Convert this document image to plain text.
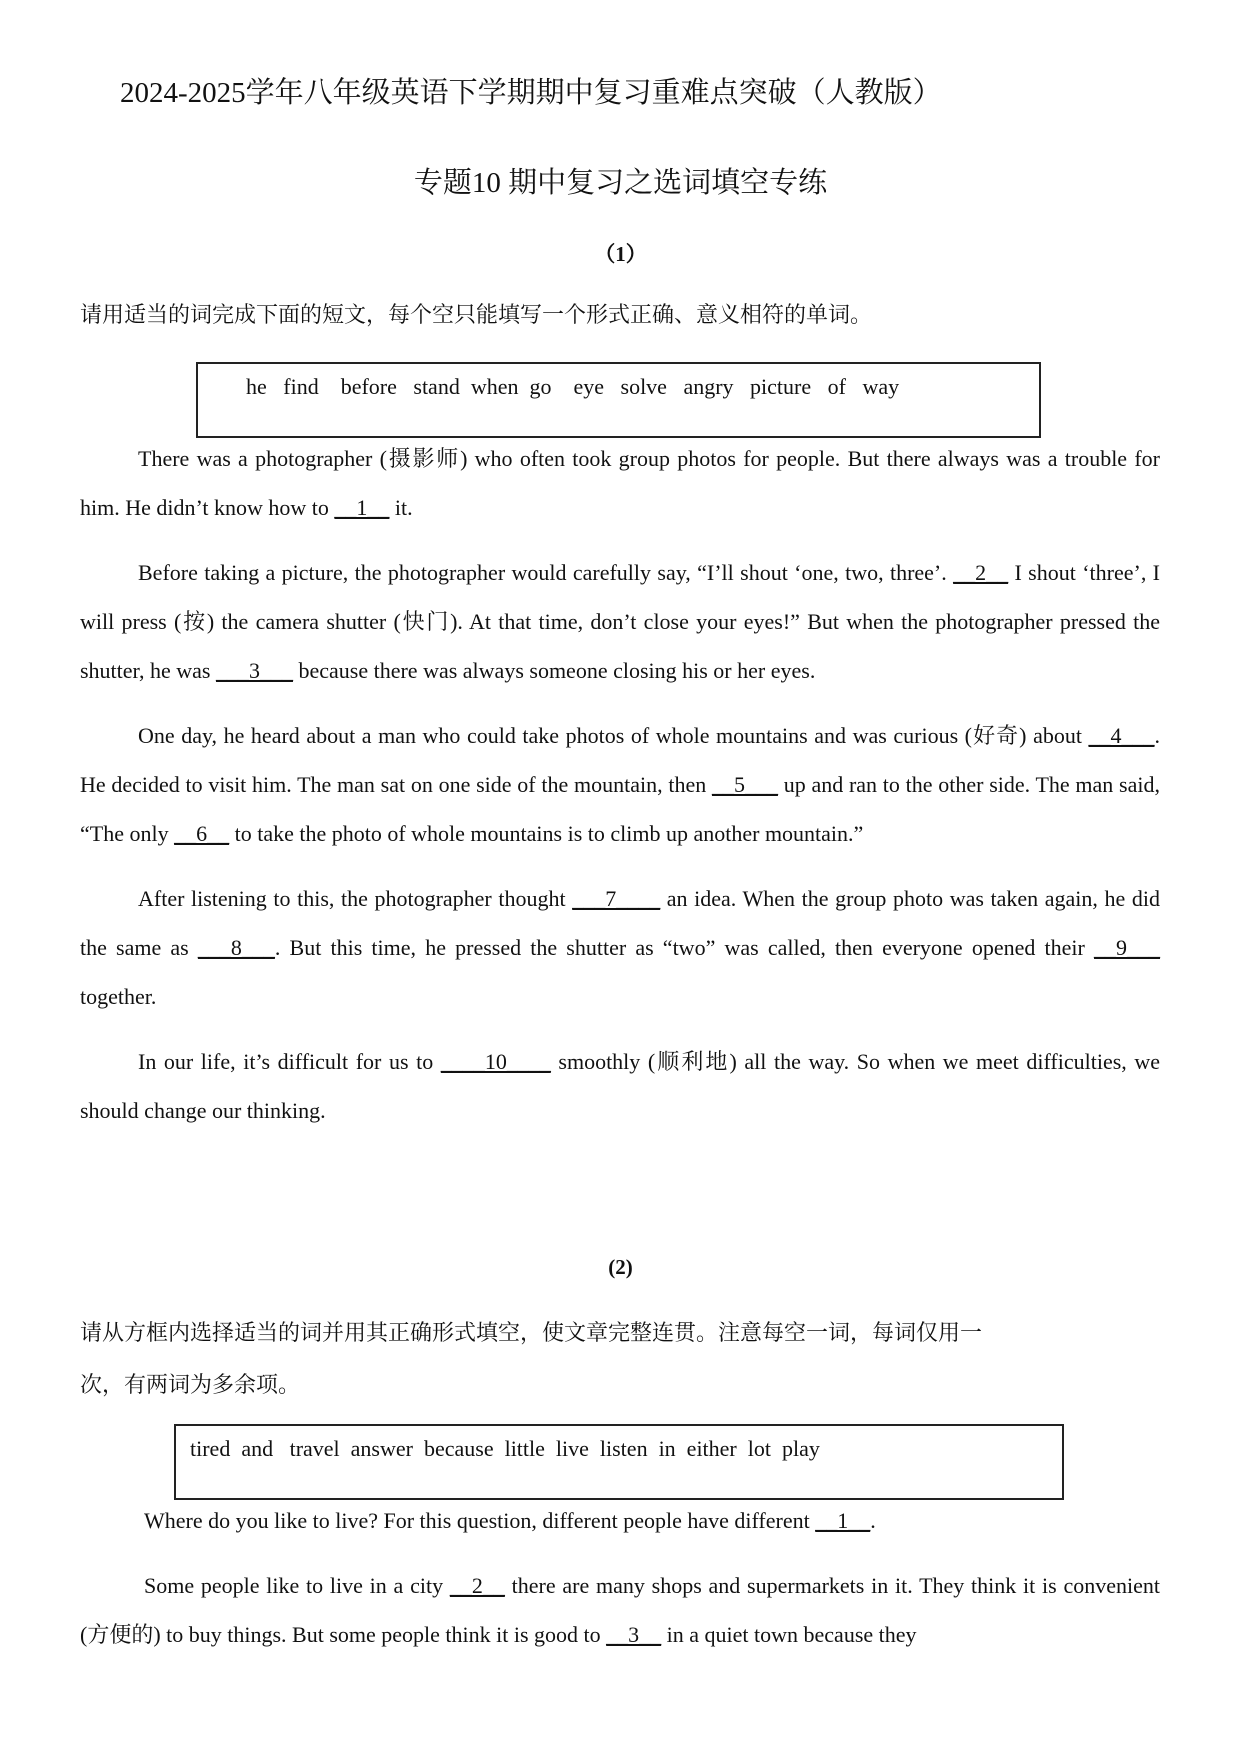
2024-2025学年八年级英语下学期期中复习重难点突破（人教版）
专题10 期中复习之选词填空专练
（1）
请用适当的词完成下面的短文，每个空只能填写一个形式正确、意义相符的单词。
he   find    before   stand  when  go    eye   solve   angry   picture   of   way

There was a photographer (摄影师) who often took group photos for people. But there always was a trouble for him. He didn’t know how to __1__ it.

Before taking a picture, the photographer would carefully say, “I’ll shout ‘one, two, three’. __2__ I shout ‘three’, I will press (按) the camera shutter (快门). At that time, don’t close your eyes!” But when the photographer pressed the shutter, he was ___3___ because there was always someone closing his or her eyes.

One day, he heard about a man who could take photos of whole mountains and was curious (好奇) about __4___. He decided to visit him. The man sat on one side of the mountain, then __5___ up and ran to the other side. The man said, “The only __6__ to take the photo of whole mountains is to climb up another mountain.”

After listening to this, the photographer thought ___7____ an idea. When the group photo was taken again, he did the same as ___8___. But this time, he pressed the shutter as “two” was called, then everyone opened their __9___ together.

In our life, it’s difficult for us to ____10____ smoothly (顺利地) all the way. So when we meet difficulties, we should change our thinking.

(2)
请从方框内选择适当的词并用其正确形式填空，使文章完整连贯。注意每空一词，每词仅用一
次，有两词为多余项。
tired  and   travel  answer  because  little  live  listen  in  either  lot  play

Where do you like to live? For this question, different people have different __1__.

Some people like to live in a city __2__ there are many shops and supermarkets in it. They think it is convenient (方便的) to buy things. But some people think it is good to __3__ in a quiet town because they
